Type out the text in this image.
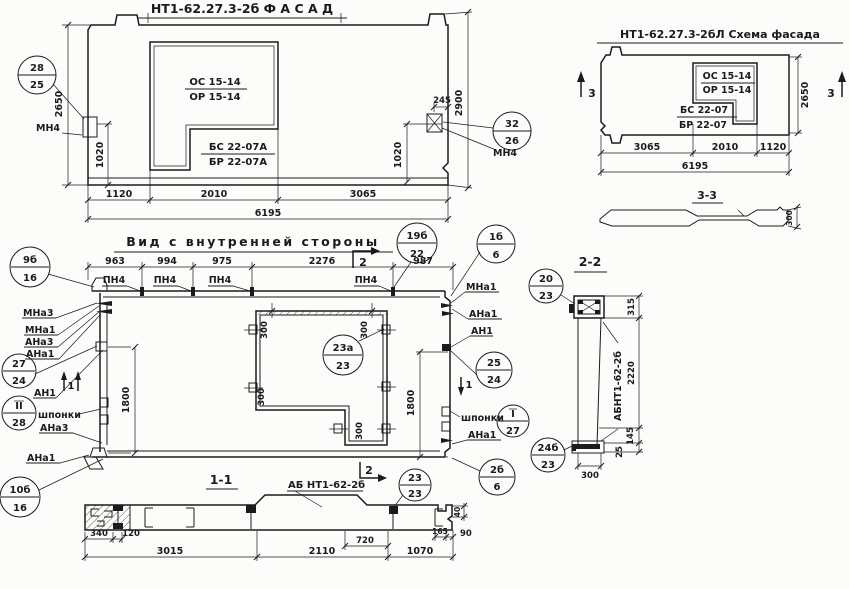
НТ1-62.27.3-2б Ф А С А Д
ОС 15-14
ОР 15-14
БС 22-07А
БР 22-07А
28
25
МН4	32
26
МН4
245
2650
1020	1020
2900
1120	2010	3065
6195
НТ1-62.27.3-2бЛ Схема фасада
ОС 15-14
ОР 15-14
БС 22-07
БР 22-07
3	3
2650
3065	2010 1120
6195
3-3
300
Вид с внутренней стороны
963	994	975	2276	987
ПН4	ПН4	ПН4	ПН4
300	300
300
300
23а
23
1800	1800
9б
16
МНа3
МНа1
АНа3
АНа1
27
24
АН1
1
шпонки
II
28 АНа3
АНа1
10б
16
19б
22
1б
6
МНа1
АНа1
АН1
25
24
1
шпонки I
27
АНа1
2б
6
2
2
АБ НТ1-62-2б
1-1
340 120	165 90
40
720
3015	2110	1070
23
23
2-2
АБНТ1-62-2б
315
2220
145
25
300
20
23
24б
23
